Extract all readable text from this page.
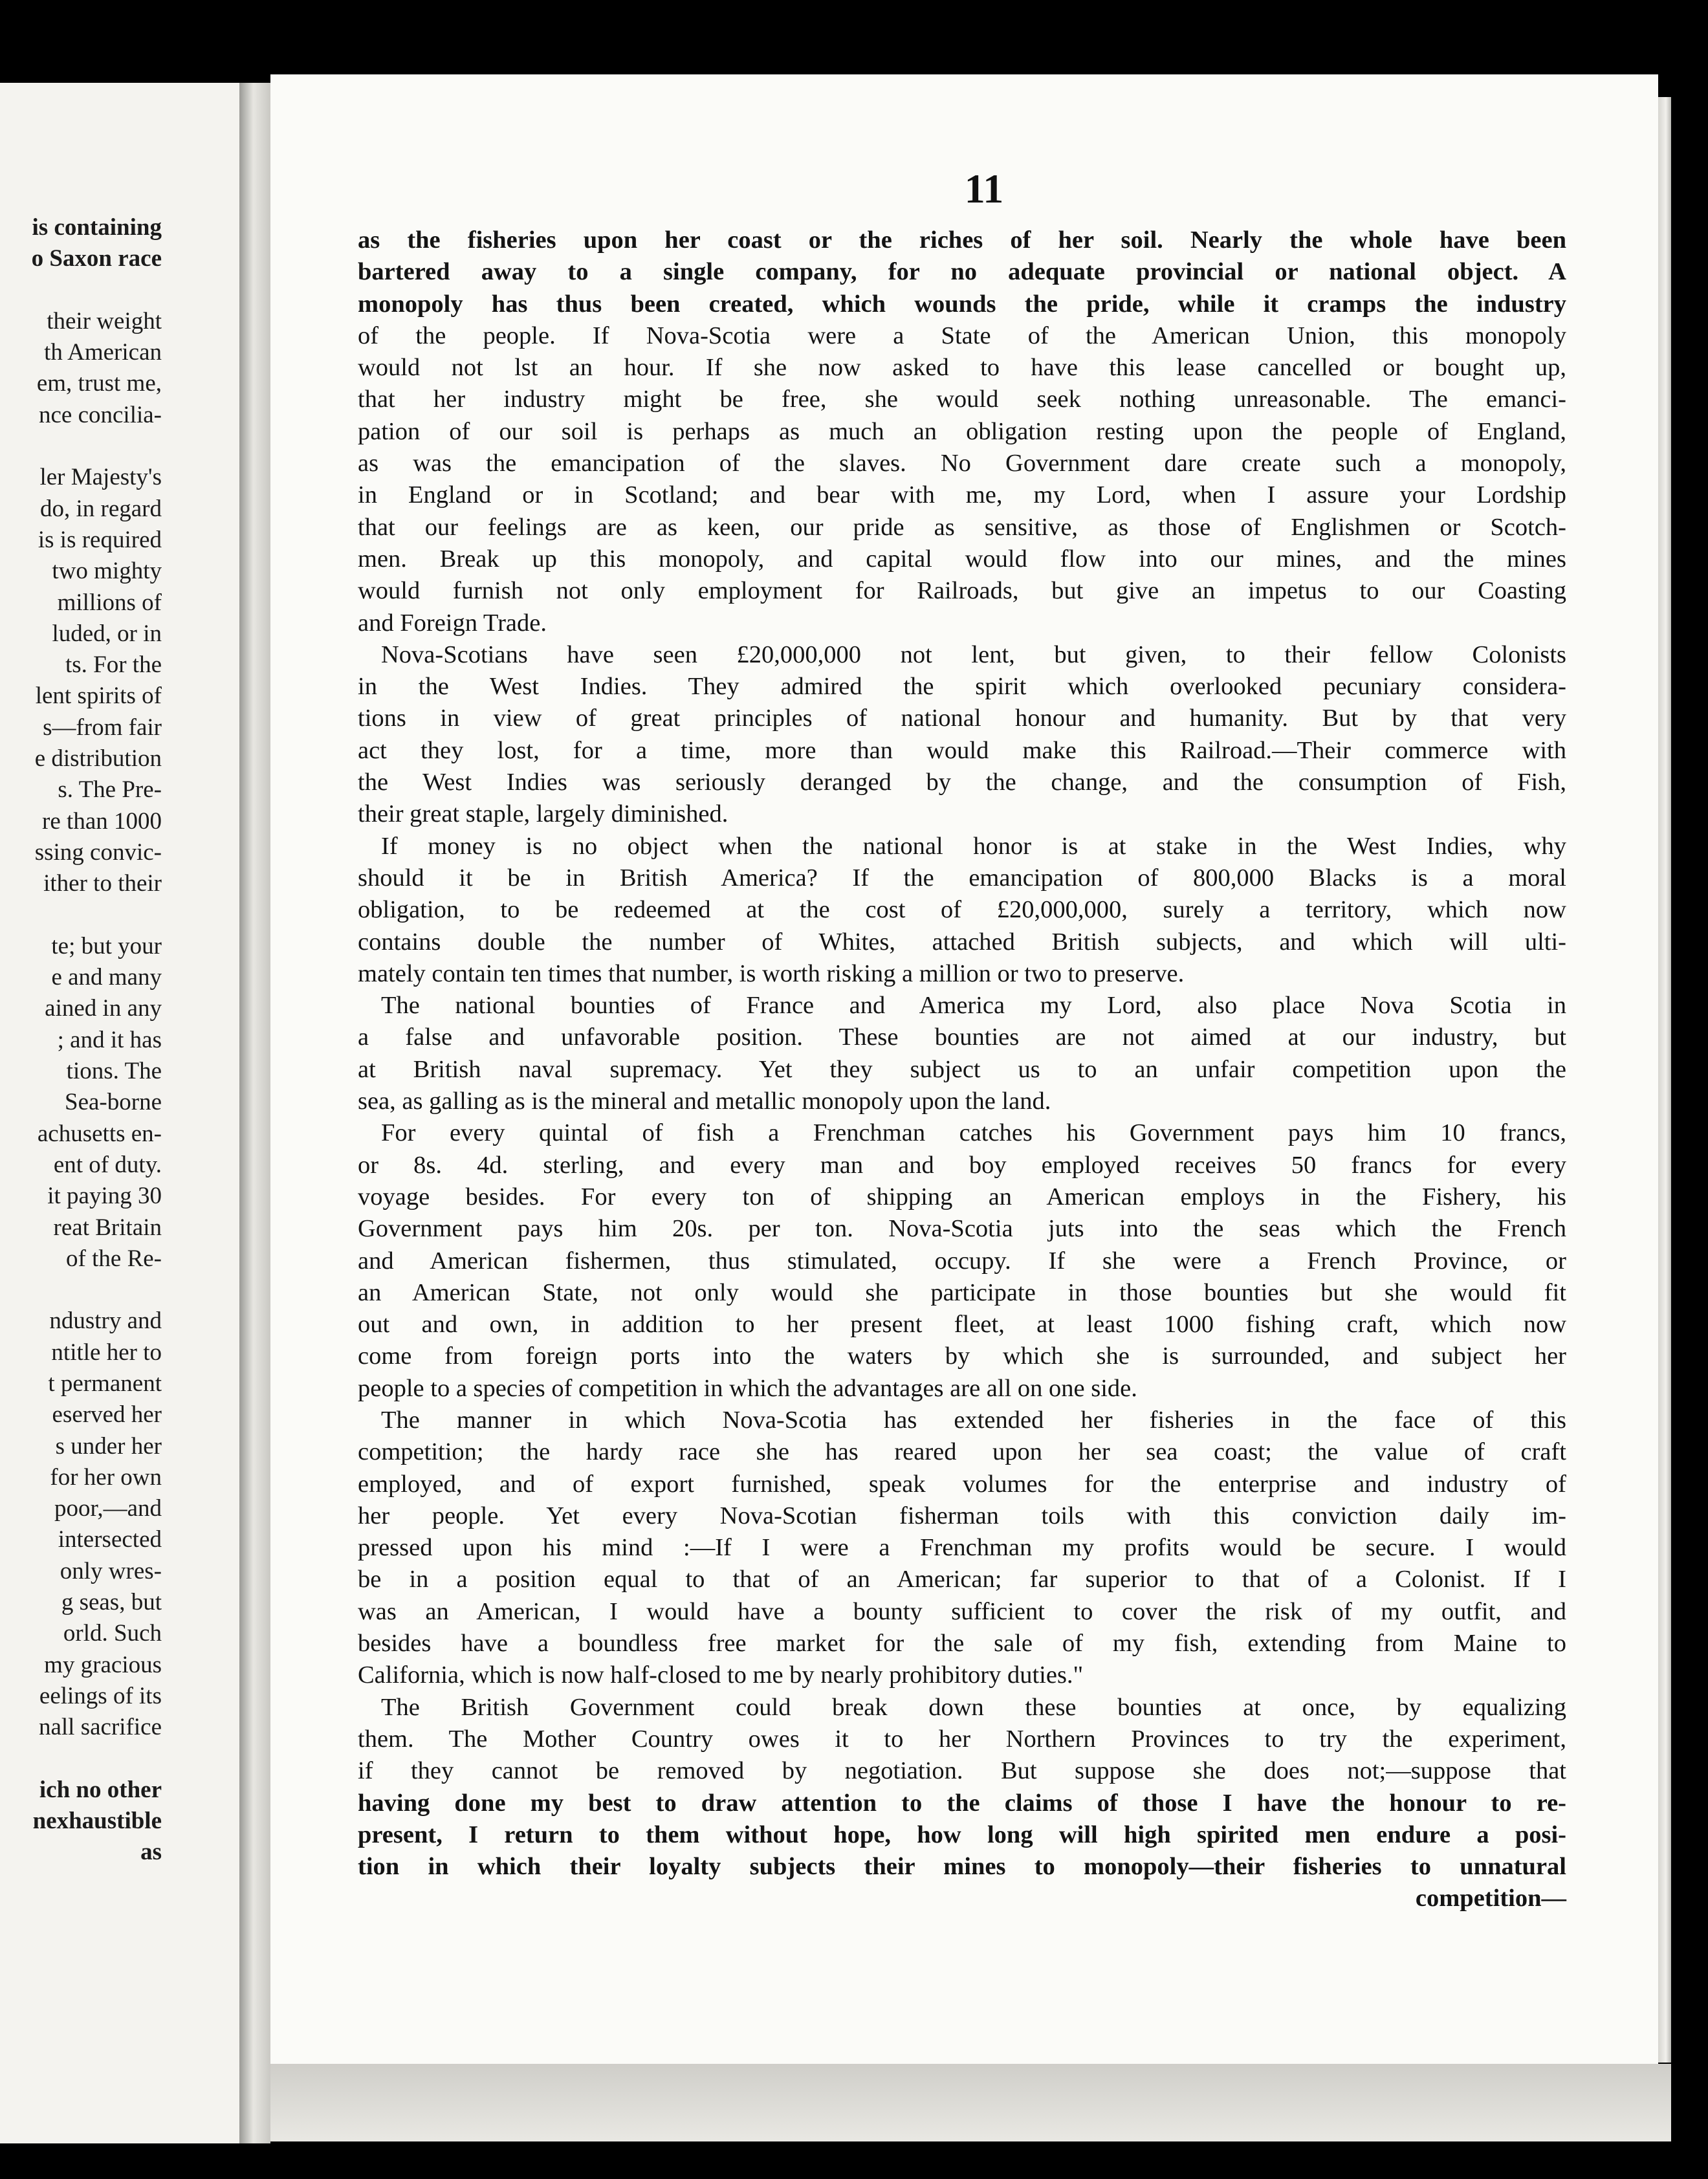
is containing
o Saxon race
their weight
th American
em, trust me,
nce concilia-
ler Majesty's
do, in regard
is is required
two mighty
millions of
luded, or in
ts. For the
lent spirits of
s—from fair
e distribution
s. The Pre-
re than 1000
ssing convic-
ither to their
te; but your
e and many
ained in any
; and it has
tions. The
Sea-borne
achusetts en-
ent of duty.
it paying 30
reat Britain
of the Re-
ndustry and
ntitle her to
t permanent
eserved her
s under her
for her own
poor,—and
intersected
only wres-
g seas, but
orld. Such
my gracious
eelings of its
nall sacrifice
ich no other
nexhaustible
as
11
as the fisheries upon her coast or the riches of her soil. Nearly the whole have been
bartered away to a single company, for no adequate provincial or national object. A
monopoly has thus been created, which wounds the pride, while it cramps the industry
of the people. If Nova-Scotia were a State of the American Union, this monopoly
would not lst an hour. If she now asked to have this lease cancelled or bought up,
that her industry might be free, she would seek nothing unreasonable. The emanci-
pation of our soil is perhaps as much an obligation resting upon the people of England,
as was the emancipation of the slaves. No Government dare create such a monopoly,
in England or in Scotland; and bear with me, my Lord, when I assure your Lordship
that our feelings are as keen, our pride as sensitive, as those of Englishmen or Scotch-
men. Break up this monopoly, and capital would flow into our mines, and the mines
would furnish not only employment for Railroads, but give an impetus to our Coasting
and Foreign Trade.
Nova-Scotians have seen £20,000,000 not lent, but given, to their fellow Colonists
in the West Indies. They admired the spirit which overlooked pecuniary considera-
tions in view of great principles of national honour and humanity. But by that very
act they lost, for a time, more than would make this Railroad.—Their commerce with
the West Indies was seriously deranged by the change, and the consumption of Fish,
their great staple, largely diminished.
If money is no object when the national honor is at stake in the West Indies, why
should it be in British America? If the emancipation of 800,000 Blacks is a moral
obligation, to be redeemed at the cost of £20,000,000, surely a territory, which now
contains double the number of Whites, attached British subjects, and which will ulti-
mately contain ten times that number, is worth risking a million or two to preserve.
The national bounties of France and America my Lord, also place Nova Scotia in
a false and unfavorable position. These bounties are not aimed at our industry, but
at British naval supremacy. Yet they subject us to an unfair competition upon the
sea, as galling as is the mineral and metallic monopoly upon the land.
For every quintal of fish a Frenchman catches his Government pays him 10 francs,
or 8s. 4d. sterling, and every man and boy employed receives 50 francs for every
voyage besides. For every ton of shipping an American employs in the Fishery, his
Government pays him 20s. per ton. Nova-Scotia juts into the seas which the French
and American fishermen, thus stimulated, occupy. If she were a French Province, or
an American State, not only would she participate in those bounties but she would fit
out and own, in addition to her present fleet, at least 1000 fishing craft, which now
come from foreign ports into the waters by which she is surrounded, and subject her
people to a species of competition in which the advantages are all on one side.
The manner in which Nova-Scotia has extended her fisheries in the face of this
competition; the hardy race she has reared upon her sea coast; the value of craft
employed, and of export furnished, speak volumes for the enterprise and industry of
her people. Yet every Nova-Scotian fisherman toils with this conviction daily im-
pressed upon his mind :—If I were a Frenchman my profits would be secure. I would
be in a position equal to that of an American; far superior to that of a Colonist. If I
was an American, I would have a bounty sufficient to cover the risk of my outfit, and
besides have a boundless free market for the sale of my fish, extending from Maine to
California, which is now half-closed to me by nearly prohibitory duties."
The British Government could break down these bounties at once, by equalizing
them. The Mother Country owes it to her Northern Provinces to try the experiment,
if they cannot be removed by negotiation. But suppose she does not;—suppose that
having done my best to draw attention to the claims of those I have the honour to re-
present, I return to them without hope, how long will high spirited men endure a posi-
tion in which their loyalty subjects their mines to monopoly—their fisheries to unnatural
competition—
